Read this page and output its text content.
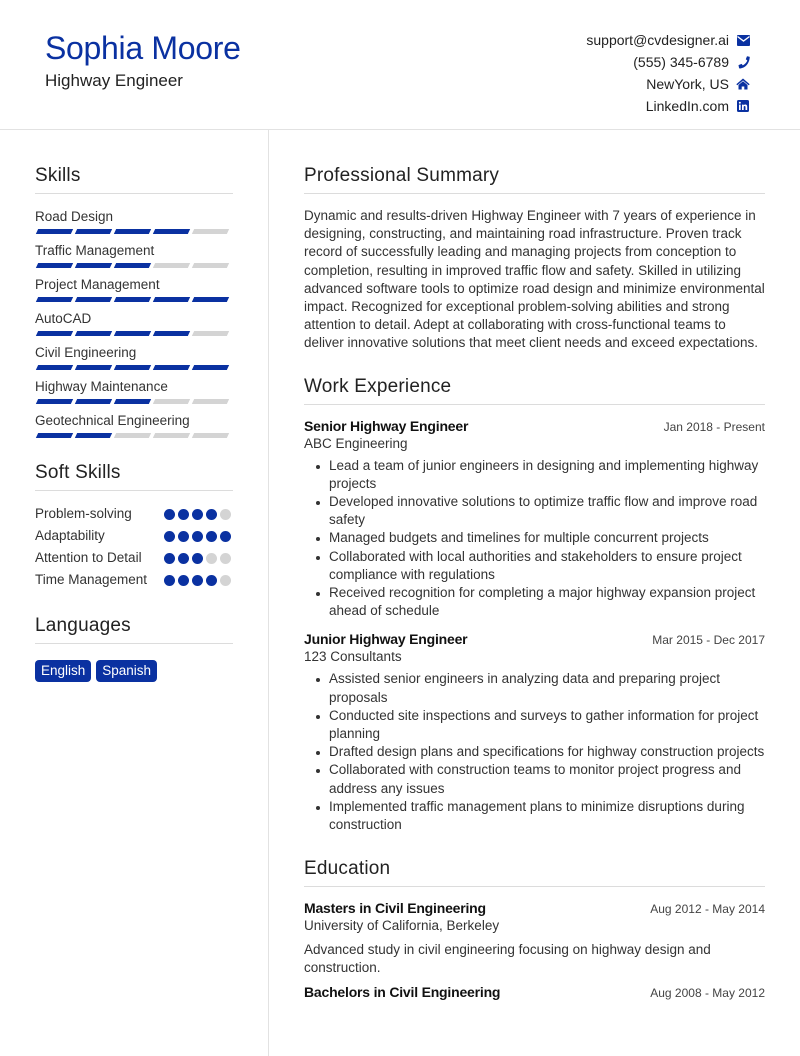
Sophia Moore
Highway Engineer
support@cvdesigner.ai
(555) 345-6789
NewYork, US
LinkedIn.com
Skills
Road Design
Traffic Management
Project Management
AutoCAD
Civil Engineering
Highway Maintenance
Geotechnical Engineering
Soft Skills
Problem-solving
Adaptability
Attention to Detail
Time Management
Languages
English	Spanish
Professional Summary

Dynamic and results-driven Highway Engineer with 7 years of experience in designing, constructing, and maintaining road infrastructure. Proven track record of successfully leading and managing projects from conception to completion, resulting in improved traffic flow and safety. Skilled in utilizing advanced software tools to optimize road design and minimize environmental impact. Recognized for exceptional problem-solving abilities and strong attention to detail. Adept at collaborating with cross-functional teams to deliver innovative solutions that meet client needs and exceed expectations.

Work Experience
Senior Highway Engineer	Jan 2018 - Present
ABC Engineering
Lead a team of junior engineers in designing and implementing highway projects
Developed innovative solutions to optimize traffic flow and improve road safety
Managed budgets and timelines for multiple concurrent projects
Collaborated with local authorities and stakeholders to ensure project compliance with regulations
Received recognition for completing a major highway expansion project ahead of schedule
Junior Highway Engineer	Mar 2015 - Dec 2017
123 Consultants
Assisted senior engineers in analyzing data and preparing project proposals
Conducted site inspections and surveys to gather information for project planning
Drafted design plans and specifications for highway construction projects
Collaborated with construction teams to monitor project progress and address any issues
Implemented traffic management plans to minimize disruptions during construction
Education
Masters in Civil Engineering	Aug 2012 - May 2014
University of California, Berkeley

Advanced study in civil engineering focusing on highway design and construction.

Bachelors in Civil Engineering	Aug 2008 - May 2012
